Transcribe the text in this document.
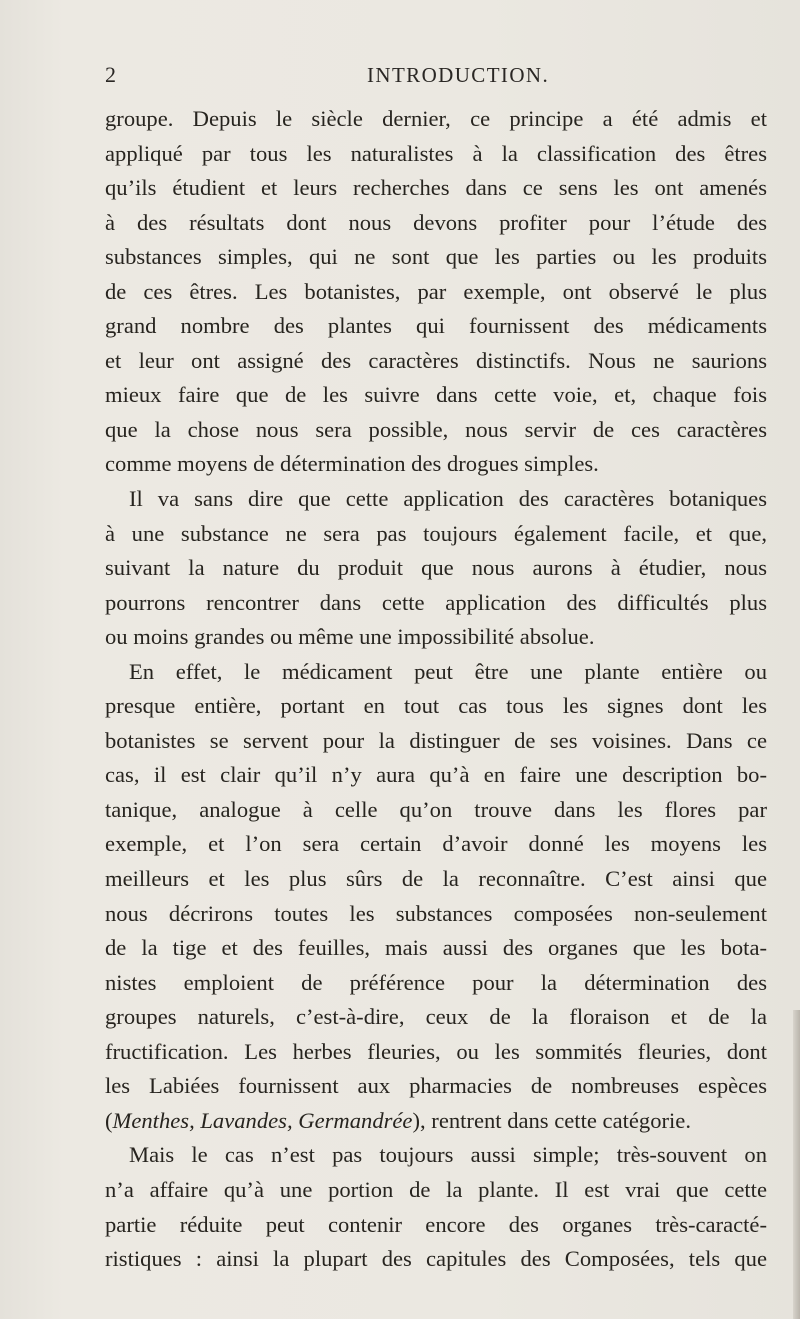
2	INTRODUCTION.
groupe. Depuis le siècle dernier, ce principe a été admis et
appliqué par tous les naturalistes à la classification des êtres
qu’ils étudient et leurs recherches dans ce sens les ont amenés
à des résultats dont nous devons profiter pour l’étude des
substances simples, qui ne sont que les parties ou les produits
de ces êtres. Les botanistes, par exemple, ont observé le plus
grand nombre des plantes qui fournissent des médicaments
et leur ont assigné des caractères distinctifs. Nous ne saurions
mieux faire que de les suivre dans cette voie, et, chaque fois
que la chose nous sera possible, nous servir de ces caractères
comme moyens de détermination des drogues simples.
Il va sans dire que cette application des caractères botaniques
à une substance ne sera pas toujours également facile, et que,
suivant la nature du produit que nous aurons à étudier, nous
pourrons rencontrer dans cette application des difficultés plus
ou moins grandes ou même une impossibilité absolue.
En effet, le médicament peut être une plante entière ou
presque entière, portant en tout cas tous les signes dont les
botanistes se servent pour la distinguer de ses voisines. Dans ce
cas, il est clair qu’il n’y aura qu’à en faire une description bo-
tanique, analogue à celle qu’on trouve dans les flores par
exemple, et l’on sera certain d’avoir donné les moyens les
meilleurs et les plus sûrs de la reconnaître. C’est ainsi que
nous décrirons toutes les substances composées non-seulement
de la tige et des feuilles, mais aussi des organes que les bota-
nistes emploient de préférence pour la détermination des
groupes naturels, c’est-à-dire, ceux de la floraison et de la
fructification. Les herbes fleuries, ou les sommités fleuries, dont
les Labiées fournissent aux pharmacies de nombreuses espèces
(Menthes, Lavandes, Germandrée), rentrent dans cette catégorie.
Mais le cas n’est pas toujours aussi simple; très-souvent on
n’a affaire qu’à une portion de la plante. Il est vrai que cette
partie réduite peut contenir encore des organes très-caracté-
ristiques : ainsi la plupart des capitules des Composées, tels que
